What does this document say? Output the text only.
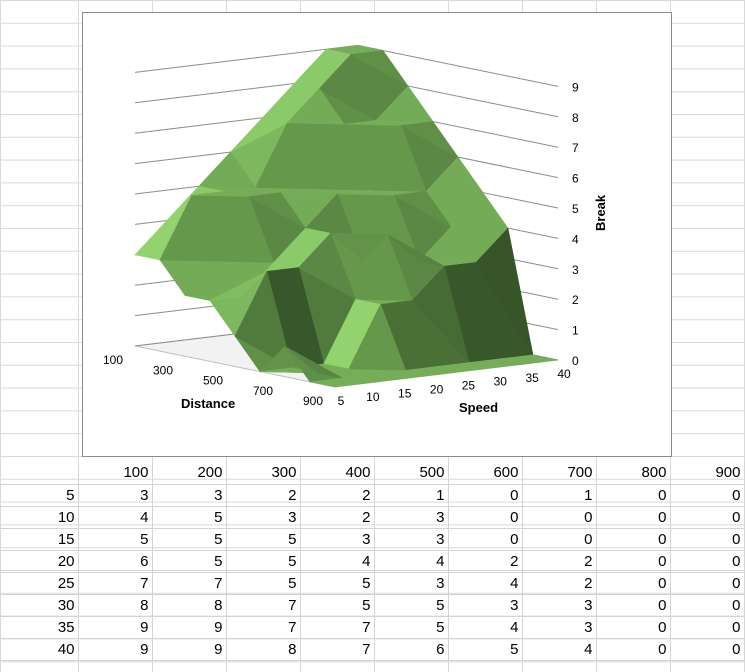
0
1
2
3
4
5
6
7
8
9
100
300
500
700
900 5 10 15 20 25 30 35 40
Distance	Speed
Break
	100	200	300	400	500	600	700	800	900
5	3	3	2	2	1	0	1	0	0
10	4	5	3	2	3	0	0	0	0
15	5	5	5	3	3	0	0	0	0
20	6	5	5	4	4	2	2	0	0
25	7	7	5	5	3	4	2	0	0
30	8	8	7	5	5	3	3	0	0
35	9	9	7	7	5	4	3	0	0
40	9	9	8	7	6	5	4	0	0
